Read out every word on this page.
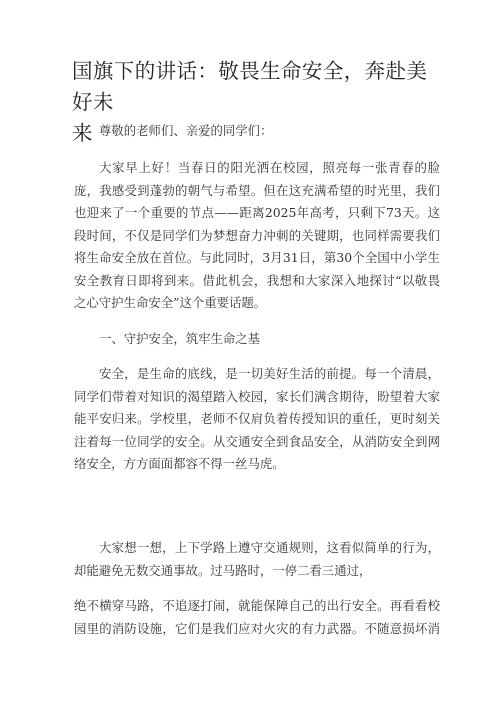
国旗下的讲话：敬畏生命安全，奔赴美好未
来 尊敬的老师们、亲爱的同学们：

大家早上好！当春日的阳光洒在校园，照亮每一张青春的脸
庞，我感受到蓬勃的朝气与希望。但在这充满希望的时光里，我们
也迎来了一个重要的节点——距离2025年高考，只剩下73天。这
段时间，不仅是同学们为梦想奋力冲刺的关键期，也同样需要我们
将生命安全放在首位。与此同时，3月31日，第30个全国中小学生
安全教育日即将到来。借此机会，我想和大家深入地探讨“以敬畏
之心守护生命安全”这个重要话题。

一、守护安全，筑牢生命之基

安全，是生命的底线，是一切美好生活的前提。每一个清晨，
同学们带着对知识的渴望踏入校园，家长们满含期待，盼望着大家
能平安归来。学校里，老师不仅肩负着传授知识的重任，更时刻关
注着每一位同学的安全。从交通安全到食品安全，从消防安全到网
络安全，方方面面都容不得一丝马虎。
大家想一想，上下学路上遵守交通规则，这看似简单的行为，
却能避免无数交通事故。过马路时，一停二看三通过，
绝不横穿马路，不追逐打闹，就能保障自己的出行安全。再看看校
园里的消防设施，它们是我们应对火灾的有力武器。不随意损坏消
